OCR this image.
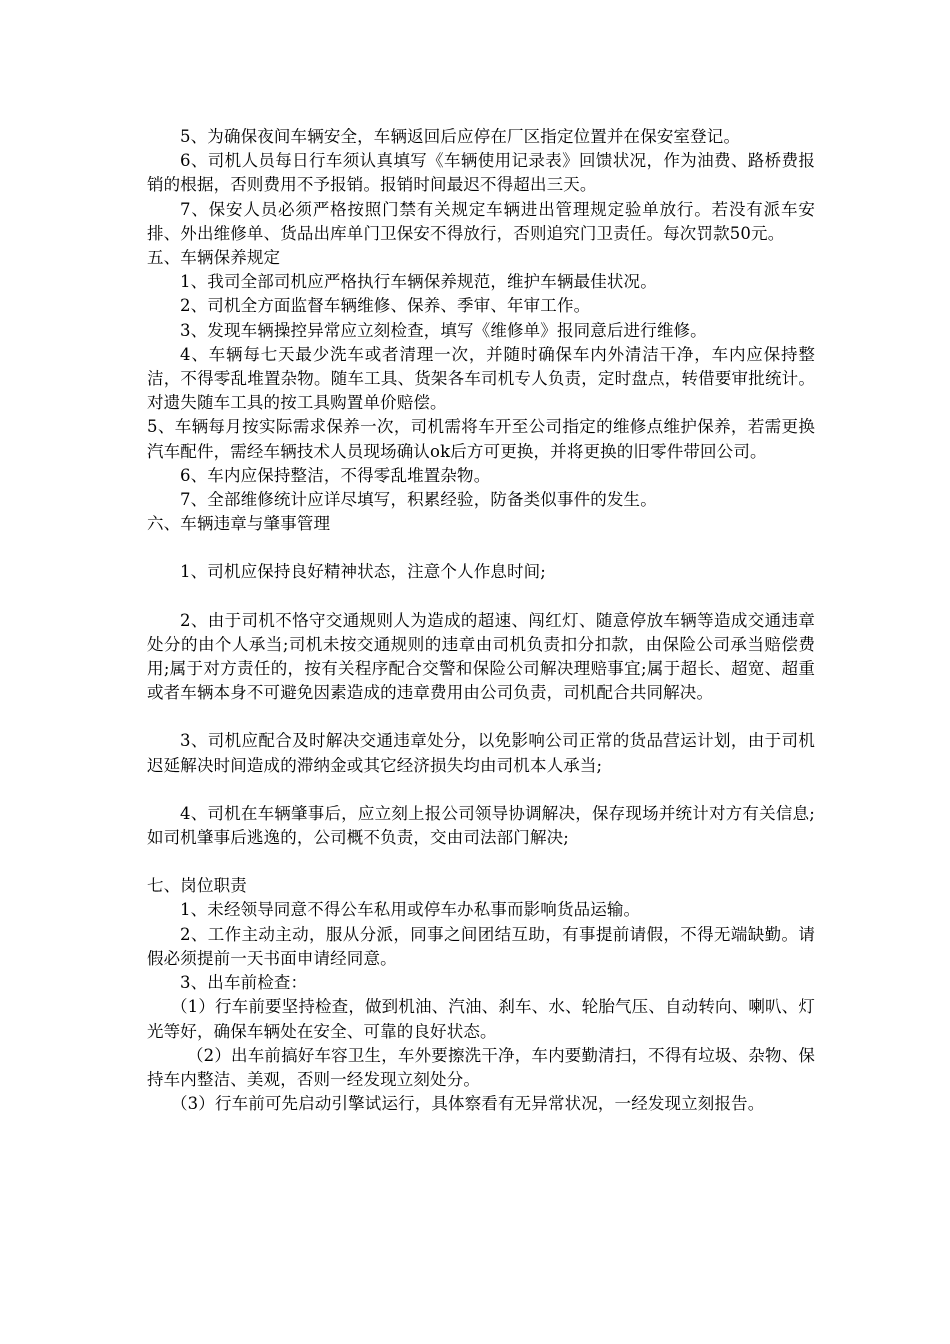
5、为确保夜间车辆安全，车辆返回后应停在厂区指定位置并在保安室登记。

6、司机人员每日行车须认真填写《车辆使用记录表》回馈状况，作为油费、路桥费报销的根据，否则费用不予报销。报销时间最迟不得超出三天。

7、保安人员必须严格按照门禁有关规定车辆进出管理规定验单放行。若没有派车安排、外出维修单、货品出库单门卫保安不得放行，否则追究门卫责任。每次罚款50元。

五、车辆保养规定

1、我司全部司机应严格执行车辆保养规范，维护车辆最佳状况。

2、司机全方面监督车辆维修、保养、季审、年审工作。

3、发现车辆操控异常应立刻检查，填写《维修单》报同意后进行维修。

4、车辆每七天最少洗车或者清理一次，并随时确保车内外清洁干净，车内应保持整洁，不得零乱堆置杂物。随车工具、货架各车司机专人负责，定时盘点，转借要审批统计。对遗失随车工具的按工具购置单价赔偿。

5、车辆每月按实际需求保养一次，司机需将车开至公司指定的维修点维护保养，若需更换汽车配件，需经车辆技术人员现场确认ok后方可更换，并将更换的旧零件带回公司。

6、车内应保持整洁，不得零乱堆置杂物。

7、全部维修统计应详尽填写，积累经验，防备类似事件的发生。

六、车辆违章与肇事管理

1、司机应保持良好精神状态，注意个人作息时间;

2、由于司机不恪守交通规则人为造成的超速、闯红灯、随意停放车辆等造成交通违章处分的由个人承当;司机未按交通规则的违章由司机负责扣分扣款，由保险公司承当赔偿费用;属于对方责任的，按有关程序配合交警和保险公司解决理赔事宜;属于超长、超宽、超重或者车辆本身不可避免因素造成的违章费用由公司负责，司机配合共同解决。

3、司机应配合及时解决交通违章处分，以免影响公司正常的货品营运计划，由于司机迟延解决时间造成的滞纳金或其它经济损失均由司机本人承当;

4、司机在车辆肇事后，应立刻上报公司领导协调解决，保存现场并统计对方有关信息;如司机肇事后逃逸的，公司概不负责，交由司法部门解决;

七、岗位职责

1、未经领导同意不得公车私用或停车办私事而影响货品运输。

2、工作主动主动，服从分派，同事之间团结互助，有事提前请假，不得无端缺勤。请假必须提前一天书面申请经同意。

3、出车前检查：

（1）行车前要坚持检查，做到机油、汽油、刹车、水、轮胎气压、自动转向、喇叭、灯光等好，确保车辆处在安全、可靠的良好状态。

（2）出车前搞好车容卫生，车外要擦洗干净，车内要勤清扫，不得有垃圾、杂物、保持车内整洁、美观，否则一经发现立刻处分。

（3）行车前可先启动引擎试运行，具体察看有无异常状况，一经发现立刻报告。
